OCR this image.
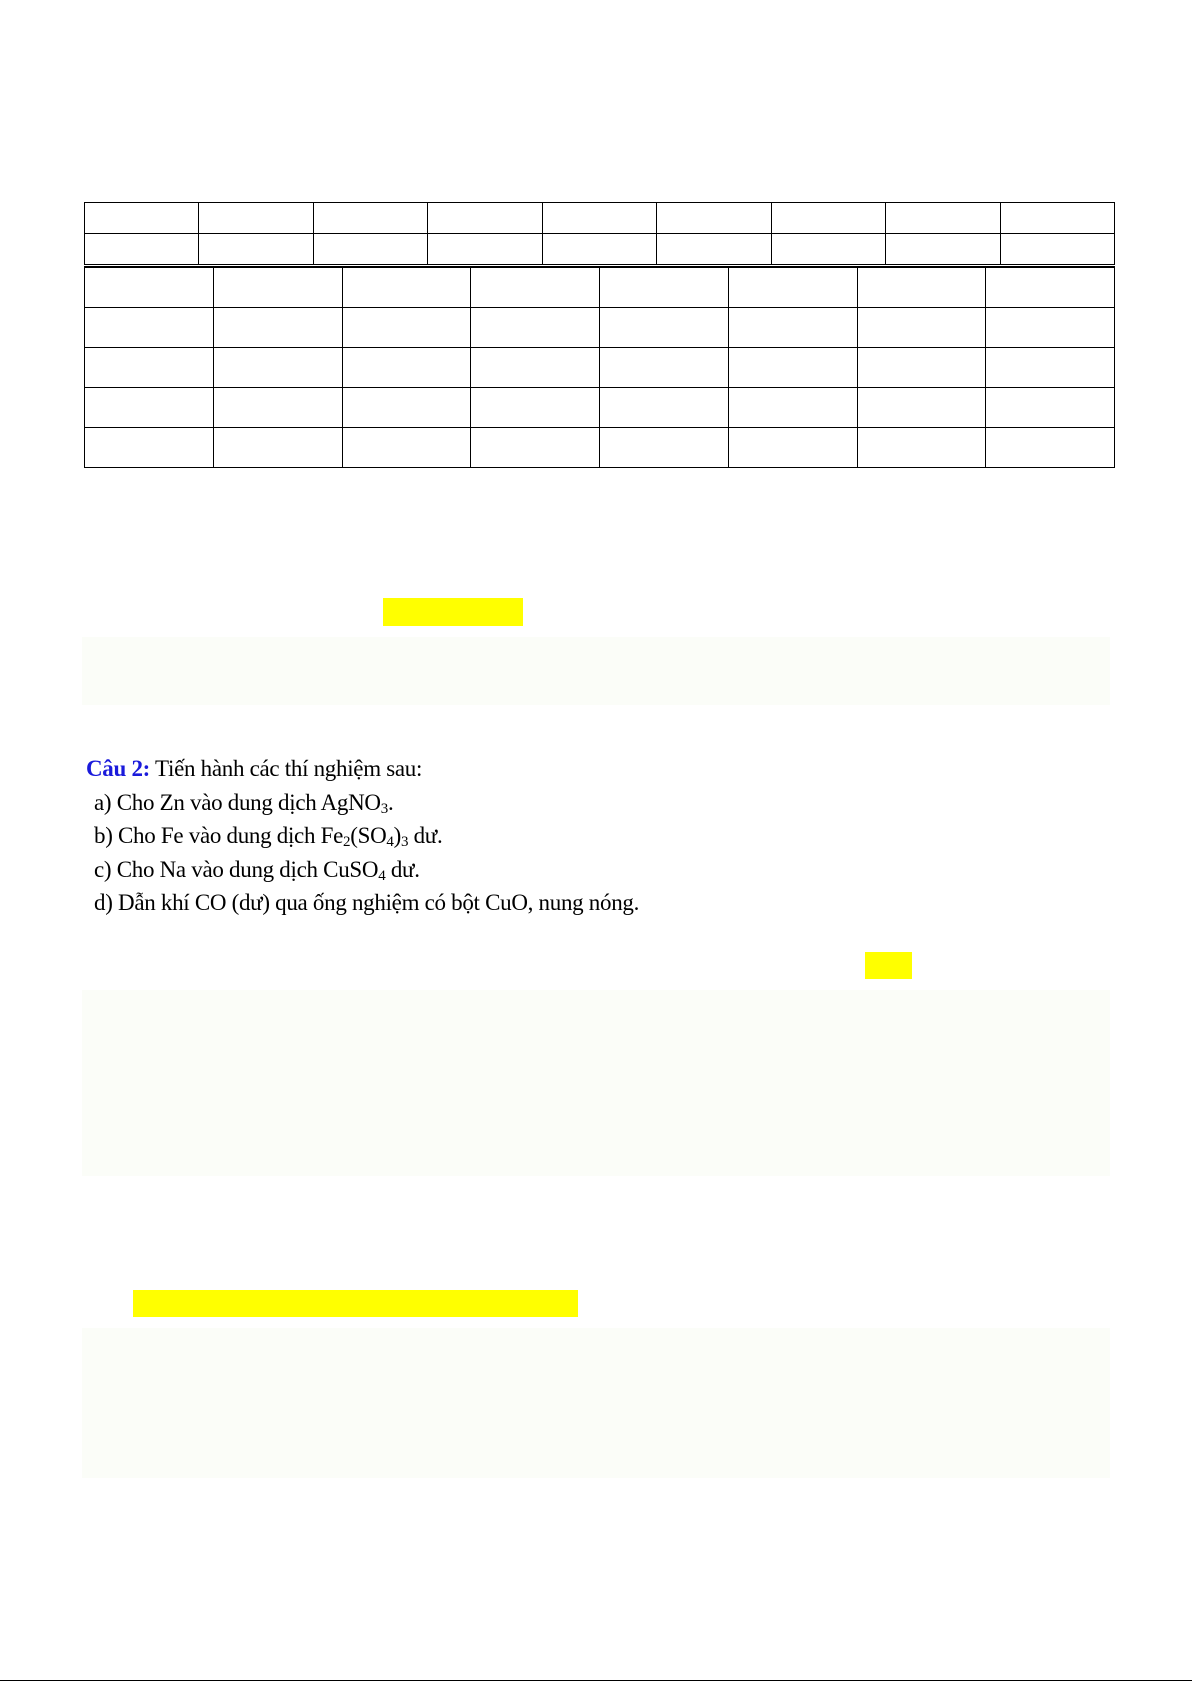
Câu 2: Tiến hành các thí nghiệm sau:

a) Cho Zn vào dung dịch AgNO$_3$.

b) Cho Fe vào dung dịch $Fe_2(SO_4)_3$ dư.

c) Cho Na vào dung dịch CuSO$_4$ dư.

d) Dẫn khí CO (dư) qua ống nghiệm có bột CuO, nung nóng.
